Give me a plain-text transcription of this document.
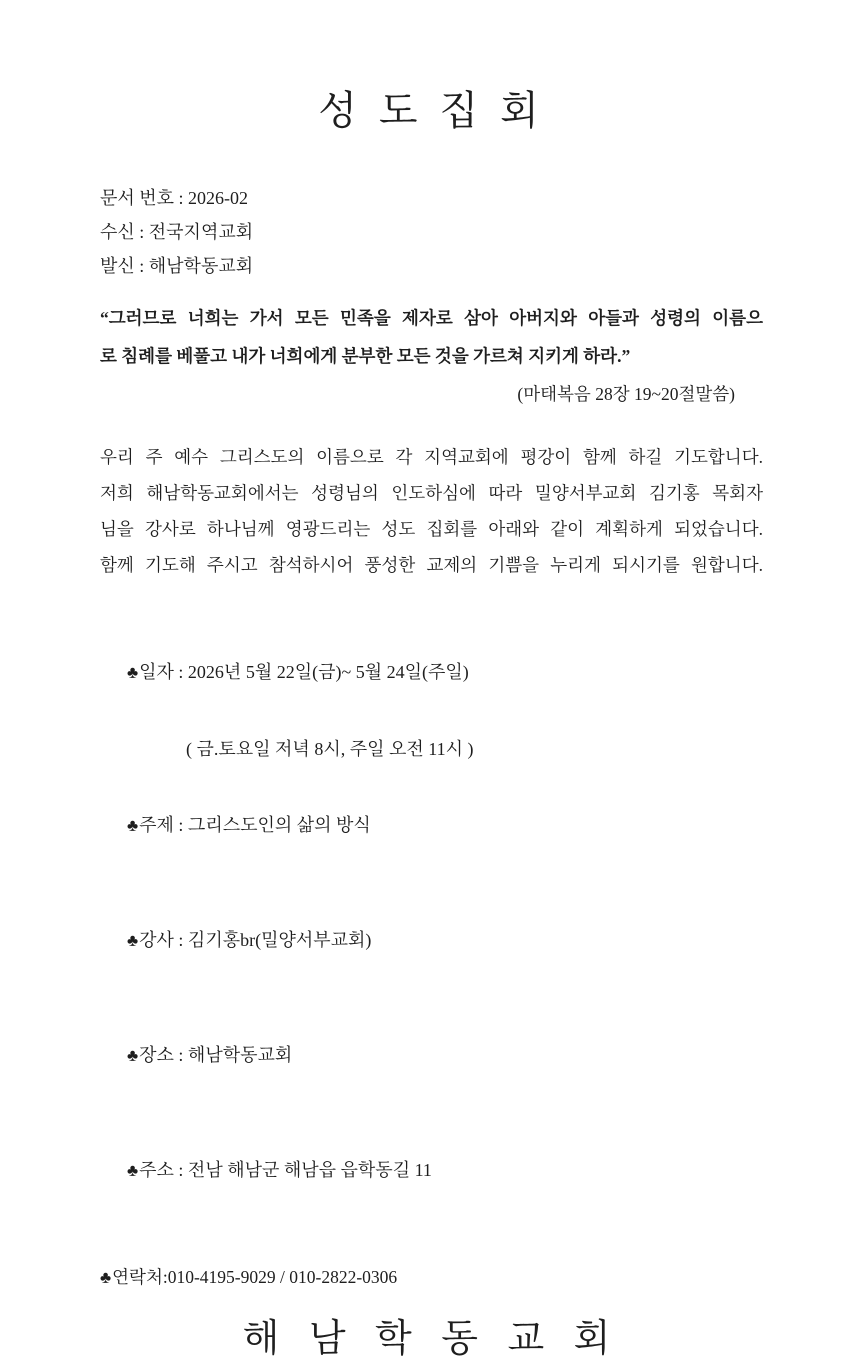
성 도 집 회
문서 번호 : 2026-02
수신 : 전국지역교회
발신 : 해남학동교회
“그러므로 너희는 가서 모든 민족을 제자로 삼아 아버지와 아들과 성령의 이름으
로 침례를 베풀고 내가 너희에게 분부한 모든 것을 가르쳐 지키게 하라.”
(마태복음 28장 19~20절말씀)
우리 주 예수 그리스도의 이름으로 각 지역교회에 평강이 함께 하길 기도합니다.
저희 해남학동교회에서는 성령님의 인도하심에 따라 밀양서부교회 김기홍 목회자
님을 강사로 하나님께 영광드리는 성도 집회를 아래와 같이 계획하게 되었습니다.
함께 기도해 주시고 참석하시어 풍성한 교제의 기쁨을 누리게 되시기를 원합니다.

♣일자 : 2026년 5월 22일(금)~ 5월 24일(주일)

( 금.토요일 저녁 8시, 주일 오전 11시 )

♣주제 : 그리스도인의 삶의 방식

♣강사 : 김기홍br(밀양서부교회)

♣장소 : 해남학동교회

♣주소 : 전남 해남군 해남읍 읍학동길 11

♣연락처:010-4195-9029 / 010-2822-0306
해 남 학 동 교 회
